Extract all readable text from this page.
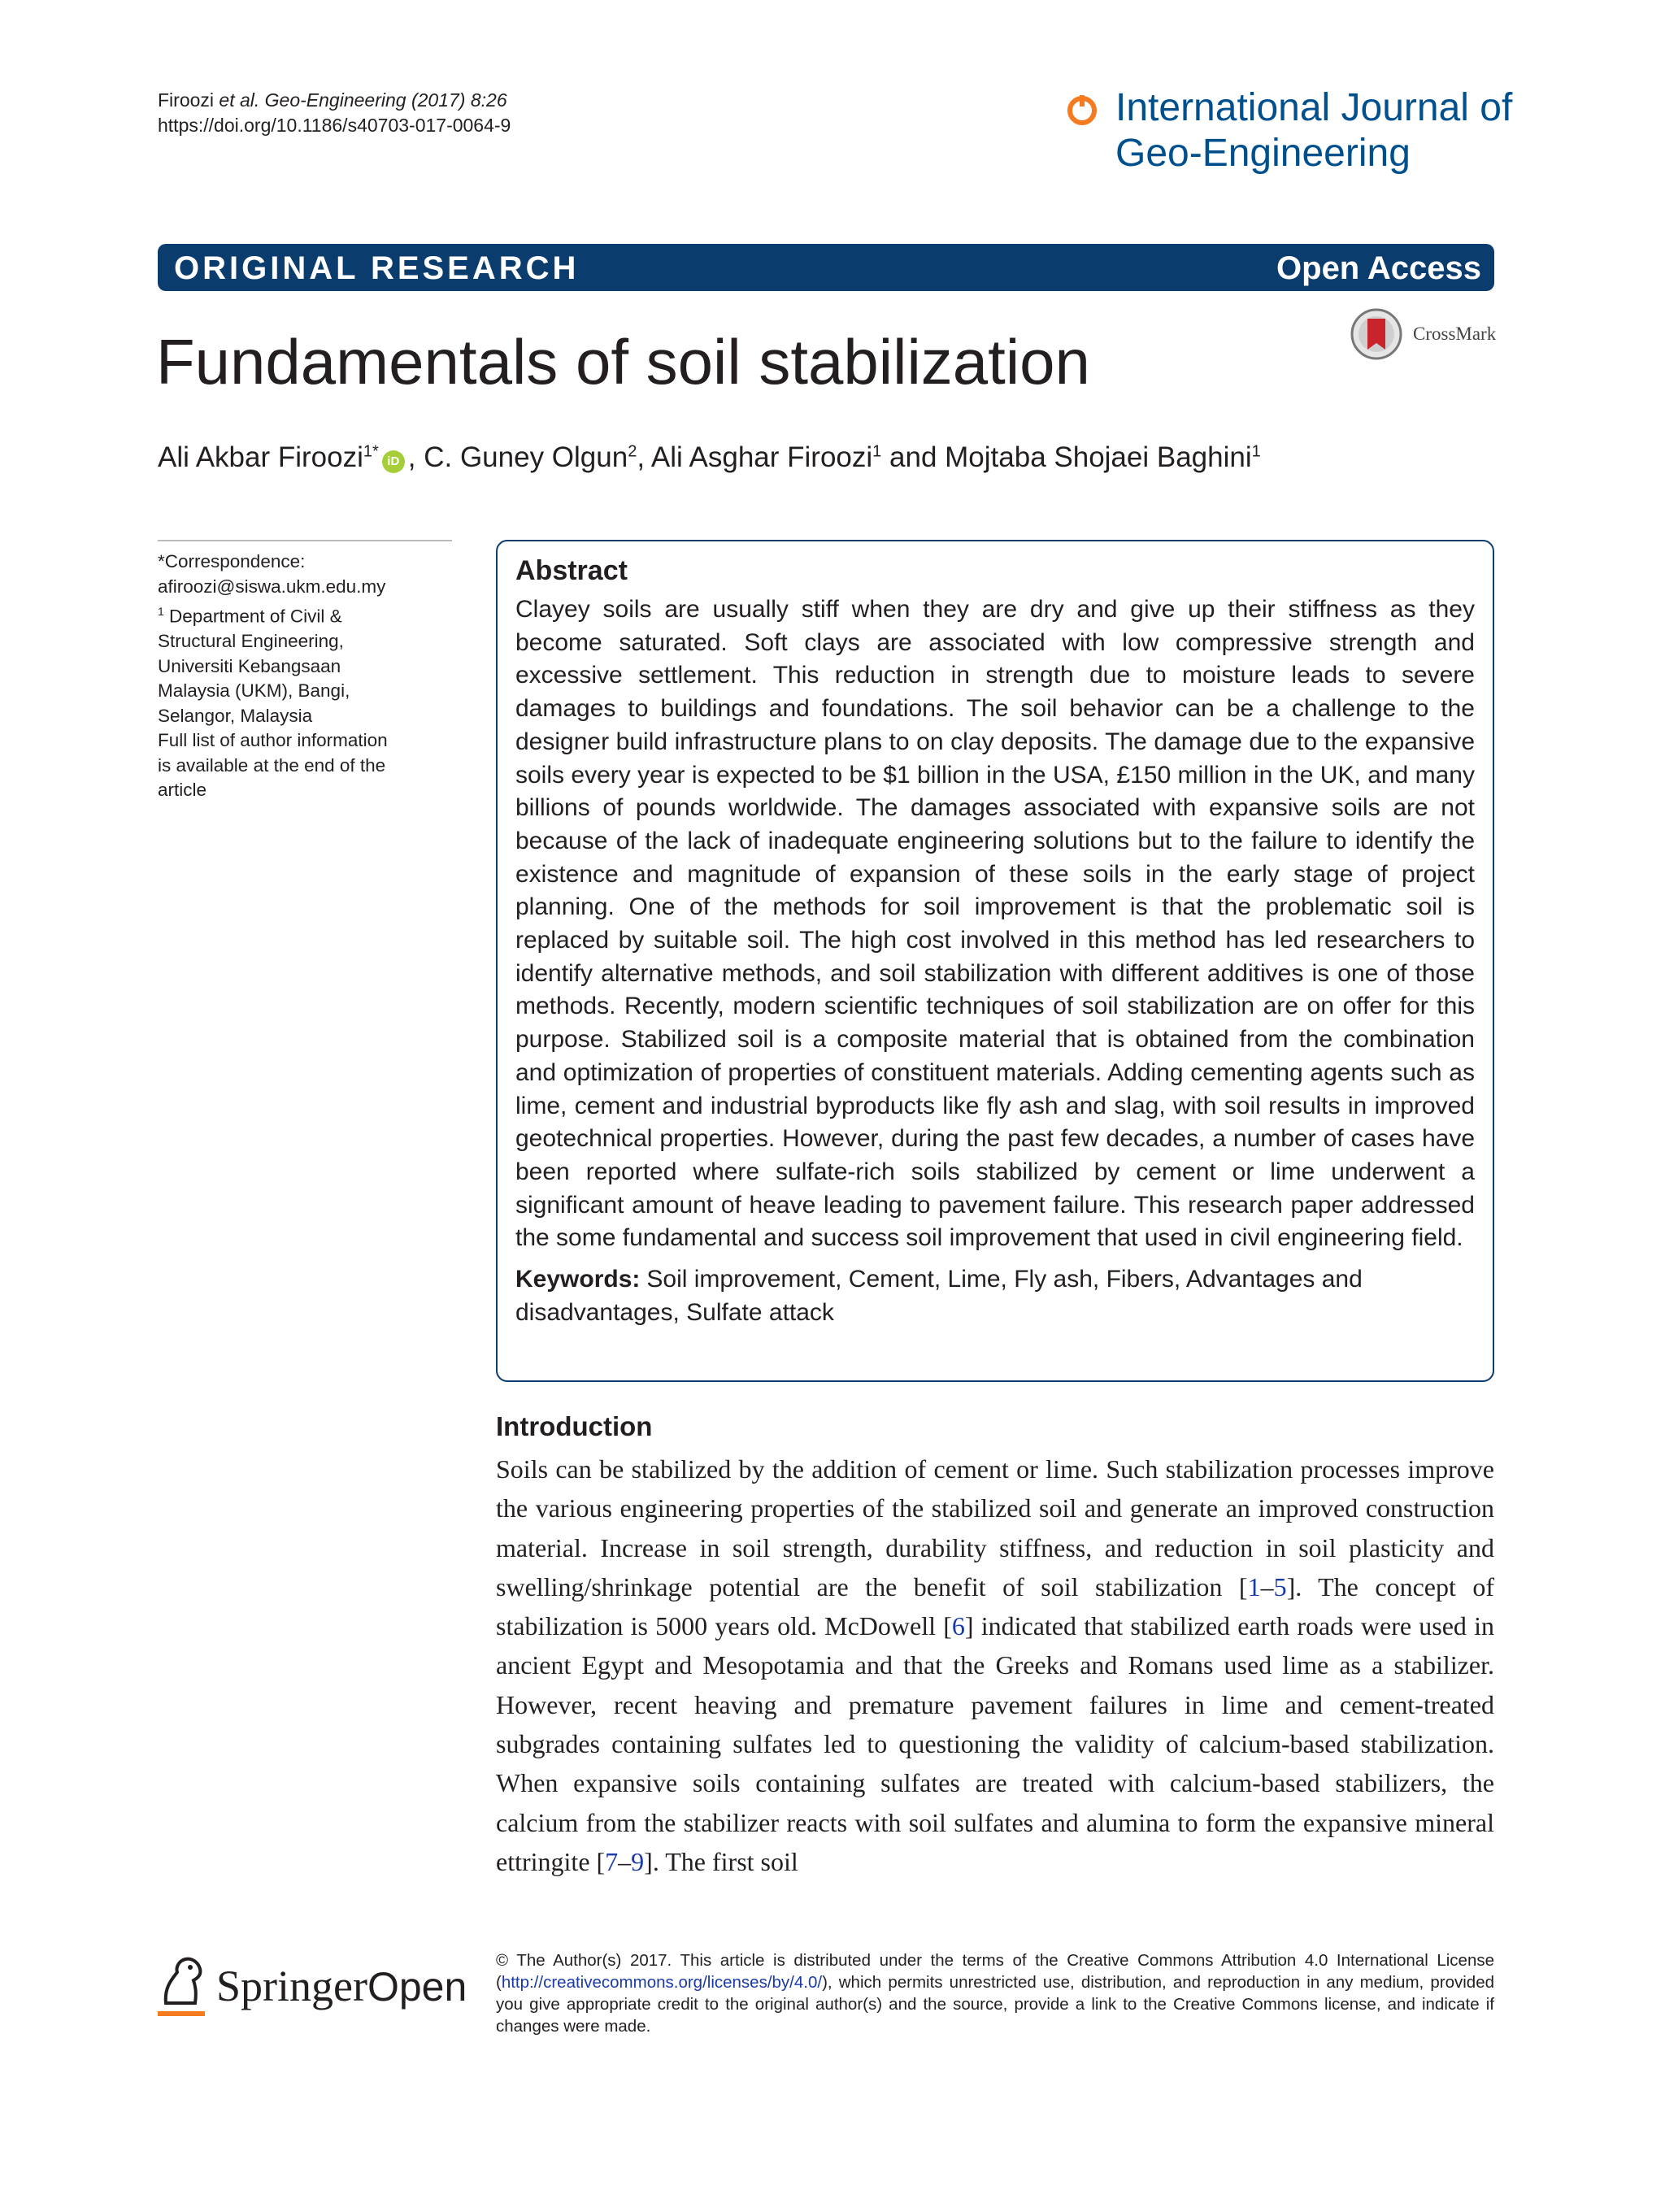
Firoozi et al. Geo-Engineering (2017) 8:26
https://doi.org/10.1186/s40703-017-0064-9	International Journal of
Geo-Engineering
ORIGINAL RESEARCH	Open Access
Fundamentals of soil stabilization	CrossMark
Ali Akbar Firoozi$^{1*}$iD , C. Guney Olgun$^2$, Ali Asghar Firoozi$^1$ and Mojtaba Shojaei Baghini$^1$
*Correspondence:
afiroozi@siswa.ukm.edu.my
$^1$ Department of Civil &
Structural Engineering,
Universiti Kebangsaan
Malaysia (UKM), Bangi,
Selangor, Malaysia
Full list of author information
is available at the end of the
article
Abstract
Clayey soils are usually stiff when they are dry and give up their stiffness as they become saturated. Soft clays are associated with low compressive strength and excessive settlement. This reduction in strength due to moisture leads to severe damages to buildings and foundations. The soil behavior can be a challenge to the designer build infrastructure plans to on clay deposits. The damage due to the expansive soils every year is expected to be $1 billion in the USA, £150 million in the UK, and many billions of pounds worldwide. The damages associated with expansive soils are not because of the lack of inadequate engineering solutions but to the failure to identify the existence and magnitude of expansion of these soils in the early stage of project planning. One of the methods for soil improvement is that the problematic soil is replaced by suitable soil. The high cost involved in this method has led researchers to identify alternative methods, and soil stabilization with different additives is one of those methods. Recently, modern scientific techniques of soil stabilization are on offer for this purpose. Stabilized soil is a composite material that is obtained from the combination and optimization of properties of constituent materials. Adding cementing agents such as lime, cement and industrial byproducts like fly ash and slag, with soil results in improved geotechnical properties. However, during the past few decades, a number of cases have been reported where sulfate-rich soils stabilized by cement or lime underwent a significant amount of heave leading to pavement failure. This research paper addressed the some fundamental and success soil improvement that used in civil engineering field.
Keywords: Soil improvement, Cement, Lime, Fly ash, Fibers, Advantages and disadvantages, Sulfate attack
Introduction
Soils can be stabilized by the addition of cement or lime. Such stabilization processes improve the various engineering properties of the stabilized soil and generate an improved construction material. Increase in soil strength, durability stiffness, and reduction in soil plasticity and swelling/shrinkage potential are the benefit of soil stabilization [1–5]. The concept of stabilization is 5000 years old. McDowell [6] indicated that stabilized earth roads were used in ancient Egypt and Mesopotamia and that the Greeks and Romans used lime as a stabilizer. However, recent heaving and premature pavement failures in lime and cement-treated subgrades containing sulfates led to questioning the validity of calcium-based stabilization. When expansive soils containing sulfates are treated with calcium-based stabilizers, the calcium from the stabilizer reacts with soil sulfates and alumina to form the expansive mineral ettringite [7–9]. The first soil
SpringerOpen
© The Author(s) 2017. This article is distributed under the terms of the Creative Commons Attribution 4.0 International License (http://creativecommons.org/licenses/by/4.0/), which permits unrestricted use, distribution, and reproduction in any medium, provided you give appropriate credit to the original author(s) and the source, provide a link to the Creative Commons license, and indicate if changes were made.
